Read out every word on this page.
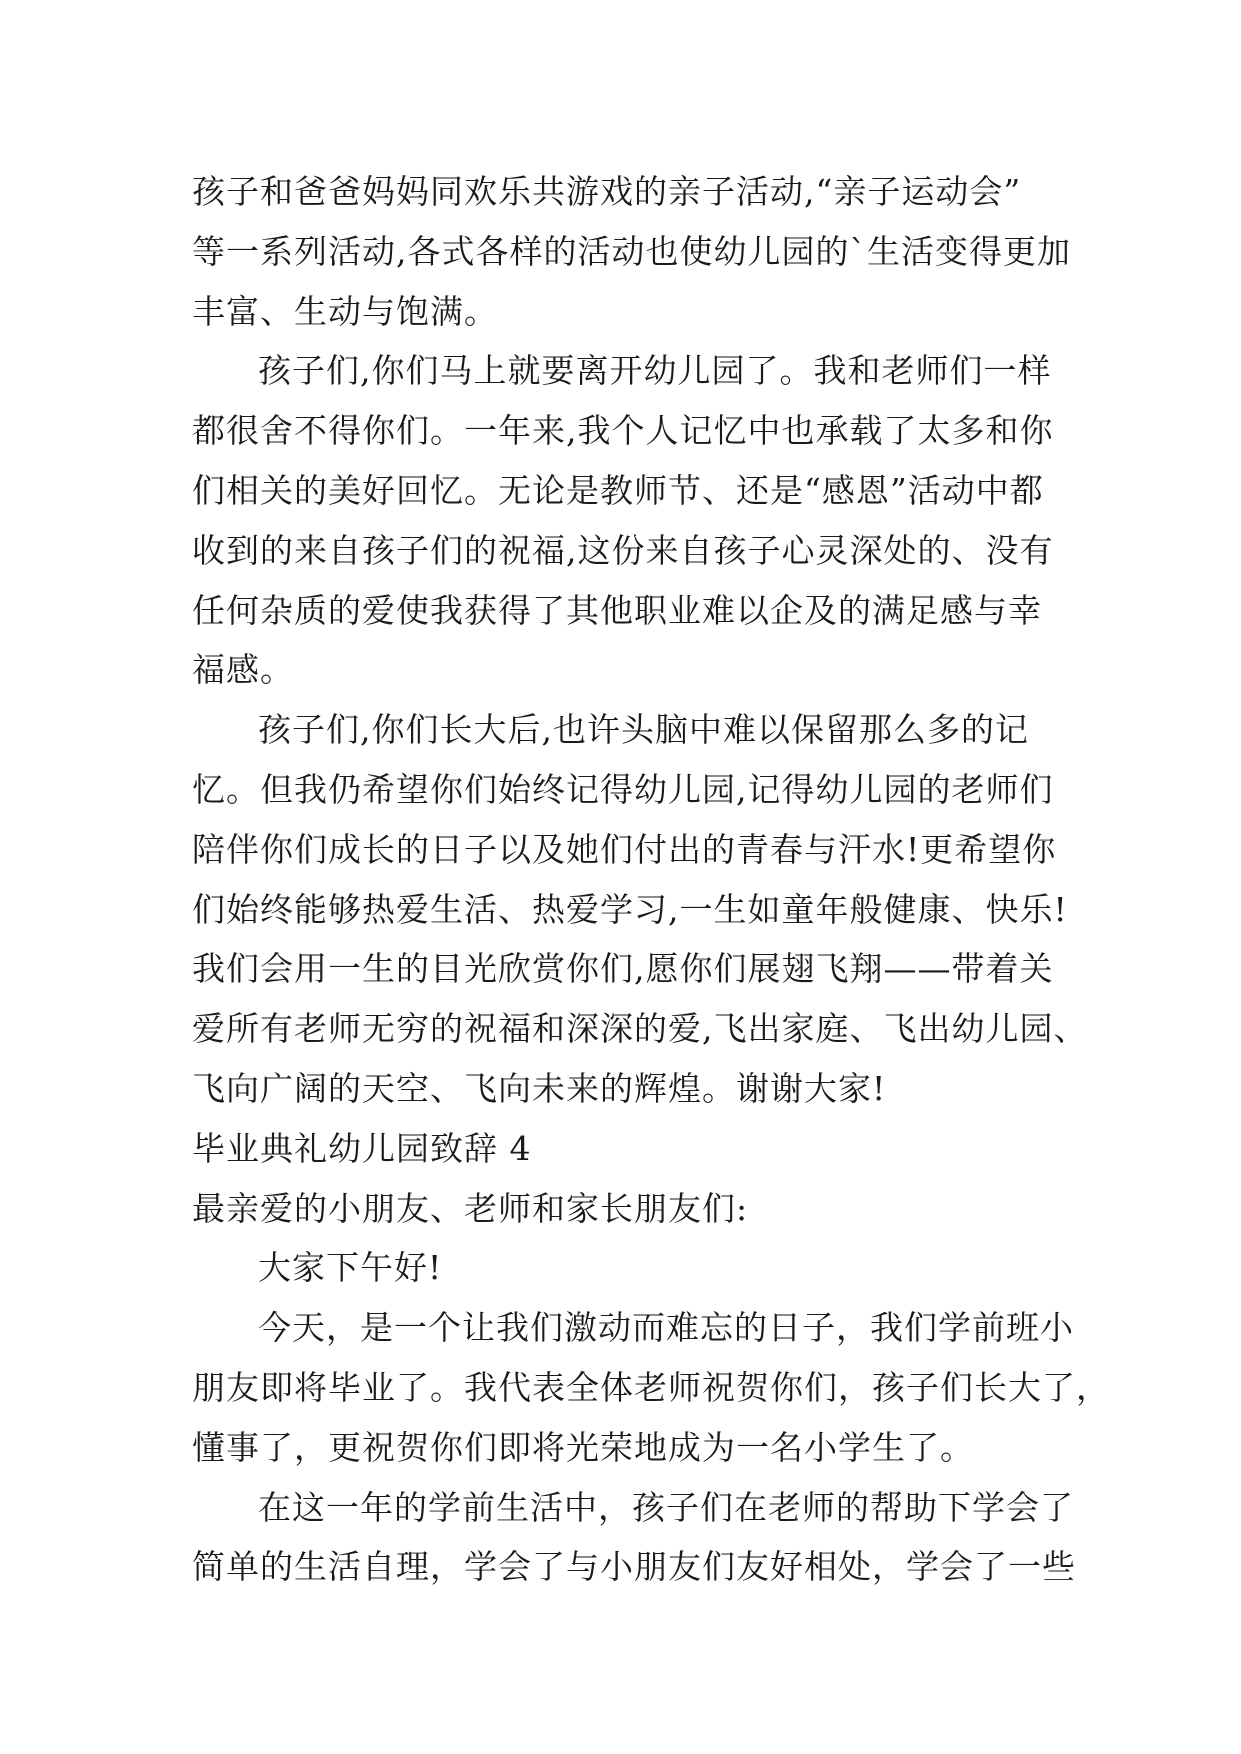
孩子和爸爸妈妈同欢乐共游戏的亲子活动,“亲子运动会”
等一系列活动,各式各样的活动也使幼儿园的`生活变得更加
丰富、生动与饱满。
孩子们,你们马上就要离开幼儿园了。我和老师们一样
都很舍不得你们。一年来,我个人记忆中也承载了太多和你
们相关的美好回忆。无论是教师节、还是“感恩”活动中都
收到的来自孩子们的祝福,这份来自孩子心灵深处的、没有
任何杂质的爱使我获得了其他职业难以企及的满足感与幸
福感。
孩子们,你们长大后,也许头脑中难以保留那么多的记
忆。但我仍希望你们始终记得幼儿园,记得幼儿园的老师们
陪伴你们成长的日子以及她们付出的青春与汗水!更希望你
们始终能够热爱生活、热爱学习,一生如童年般健康、快乐!
我们会用一生的目光欣赏你们,愿你们展翅飞翔——带着关
爱所有老师无穷的祝福和深深的爱,飞出家庭、飞出幼儿园、
飞向广阔的天空、飞向未来的辉煌。谢谢大家!
毕业典礼幼儿园致辞 4
最亲爱的小朋友、老师和家长朋友们:
大家下午好!
今天，是一个让我们激动而难忘的日子，我们学前班小
朋友即将毕业了。我代表全体老师祝贺你们，孩子们长大了，
懂事了，更祝贺你们即将光荣地成为一名小学生了。
在这一年的学前生活中，孩子们在老师的帮助下学会了
简单的生活自理，学会了与小朋友们友好相处，学会了一些
